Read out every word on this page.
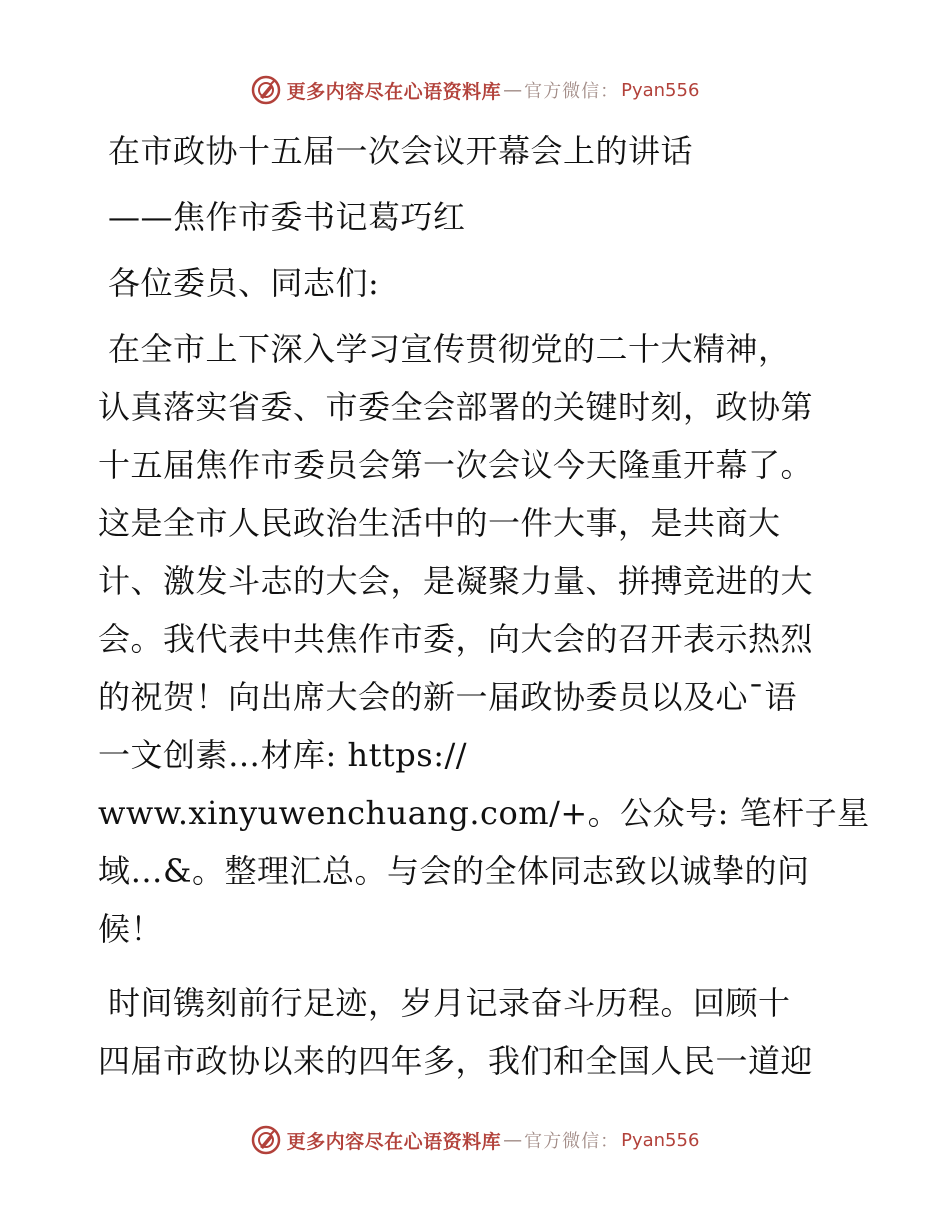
更多内容尽在心语资料库 — 官方微信： Pyan556
在市政协十五届一次会议开幕会上的讲话
——焦作市委书记葛巧红
各位委员、同志们:
在全市上下深入学习宣传贯彻党的二十大精神，
认真落实省委、市委全会部署的关键时刻，政协第
十五届焦作市委员会第一次会议今天隆重开幕了。
这是全市人民政治生活中的一件大事，是共商大
计、激发斗志的大会，是凝聚力量、拼搏竞进的大
会。我代表中共焦作市委，向大会的召开表示热烈
的祝贺！向出席大会的新一届政协委员以及心¯语
一文创素…材库: https://
www.xinyuwenchuang.com/+。公众号: 笔杆子星
域…&。整理汇总。与会的全体同志致以诚挚的问
候！
时间镌刻前行足迹，岁月记录奋斗历程。回顾十
四届市政协以来的四年多，我们和全国人民一道迎
更多内容尽在心语资料库 — 官方微信： Pyan556
